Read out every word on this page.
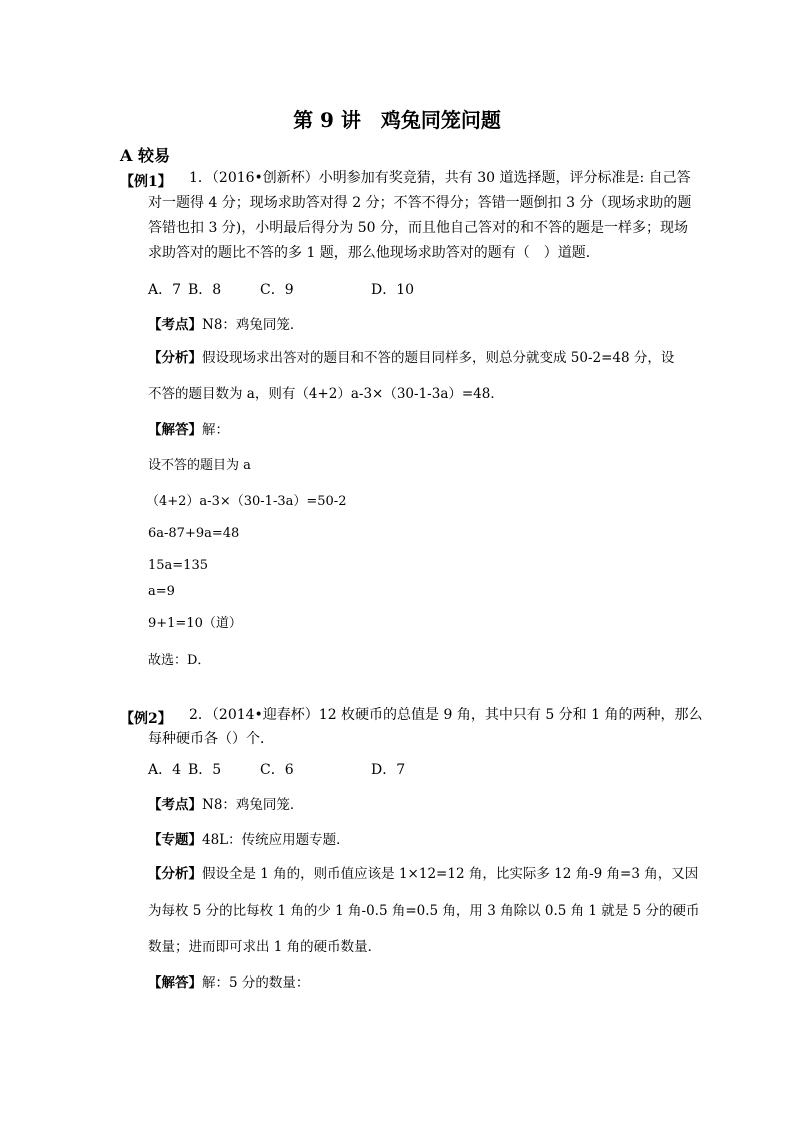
第 9 讲　鸡兔同笼问题
A 较易
【例1】 1．（2016•创新杯）小明参加有奖竞猜，共有 30 道选择题，评分标准是: 自己答
对一题得 4 分；现场求助答对得 2 分；不答不得分；答错一题倒扣 3 分（现场求助的题
答错也扣 3 分)，小明最后得分为 50 分，而且他自己答对的和不答的题是一样多；现场
求助答对的题比不答的多 1 题，那么他现场求助答对的题有（　）道题．
A．7 B．8	C．9	D．10
【考点】N8：鸡兔同笼．
【分析】假设现场求出答对的题目和不答的题目同样多，则总分就变成 50-2=48 分，设
不答的题目数为 a，则有（4+2）a-3×（30-1-3a）=48．
【解答】解：
设不答的题目为 a
（4+2）a-3×（30-1-3a）=50-2
6a-87+9a=48
15a=135
a=9
9+1=10（道）
故选：D．
【例2】 2．（2014•迎春杯）12 枚硬币的总值是 9 角，其中只有 5 分和 1 角的两种，那么
每种硬币各（）个．
A．4 B．5	C．6	D．7
【考点】N8：鸡兔同笼．
【专题】48L：传统应用题专题．
【分析】假设全是 1 角的，则币值应该是 1×12=12 角，比实际多 12 角-9 角=3 角，又因
为每枚 5 分的比每枚 1 角的少 1 角-0.5 角=0.5 角，用 3 角除以 0.5 角 1 就是 5 分的硬币
数量；进而即可求出 1 角的硬币数量．
【解答】解：5 分的数量：
